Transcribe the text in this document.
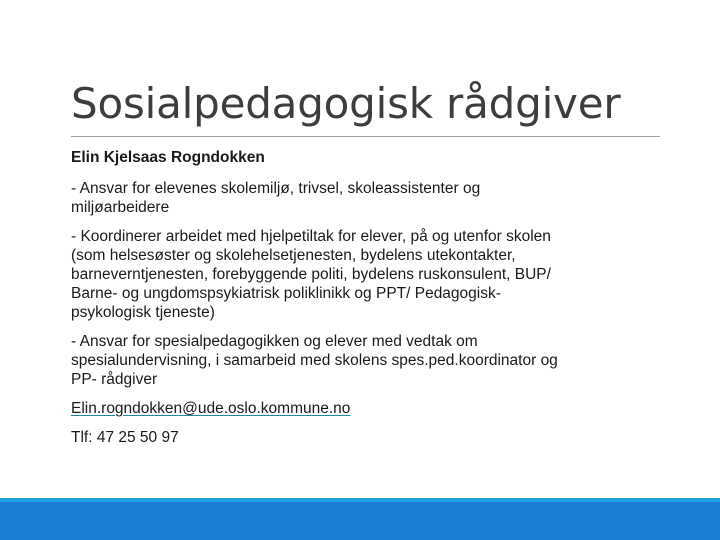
Sosialpedagogisk rådgiver

Elin Kjelsaas Rogndokken

- Ansvar for elevenes skolemiljø, trivsel, skoleassistenter og
miljøarbeidere

- Koordinerer arbeidet med hjelpetiltak for elever, på og utenfor skolen
(som helsesøster og skolehelsetjenesten, bydelens utekontakter,
barneverntjenesten, forebyggende politi, bydelens ruskonsulent, BUP/
Barne- og ungdomspsykiatrisk poliklinikk og PPT/ Pedagogisk-
psykologisk tjeneste)

- Ansvar for spesialpedagogikken og elever med vedtak om
spesialundervisning, i samarbeid med skolens spes.ped.koordinator og
PP- rådgiver

Elin.rogndokken@ude.oslo.kommune.no

Tlf: 47 25 50 97
